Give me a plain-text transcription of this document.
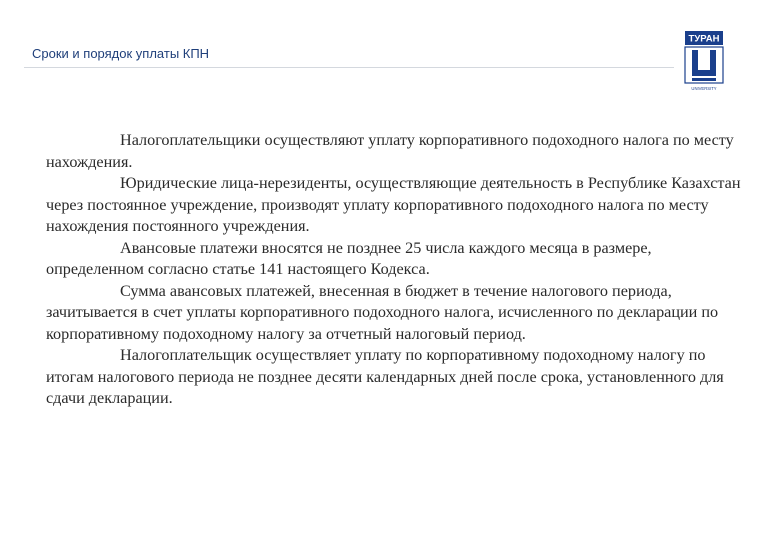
Сроки и порядок уплаты КПН
ТУРАН
UNIVERSITY

Налогоплательщики осуществляют уплату корпоративного подоходного налога по месту нахождения.

Юридические лица-нерезиденты, осуществляющие деятельность в Республике Казахстан через постоянное учреждение, производят уплату корпоративного подоходного налога по месту нахождения постоянного учреждения.

Авансовые платежи вносятся не позднее 25 числа каждого месяца в размере, определенном согласно статье 141 настоящего Кодекса.

Сумма авансовых платежей, внесенная в бюджет в течение налогового периода, зачитывается в счет уплаты корпоративного подоходного налога, исчисленного по декларации по корпоративному подоходному налогу за отчетный налоговый период.

Налогоплательщик осуществляет уплату по корпоративному подоходному налогу по итогам налогового периода не позднее десяти календарных дней после срока, установленного для сдачи декларации.
